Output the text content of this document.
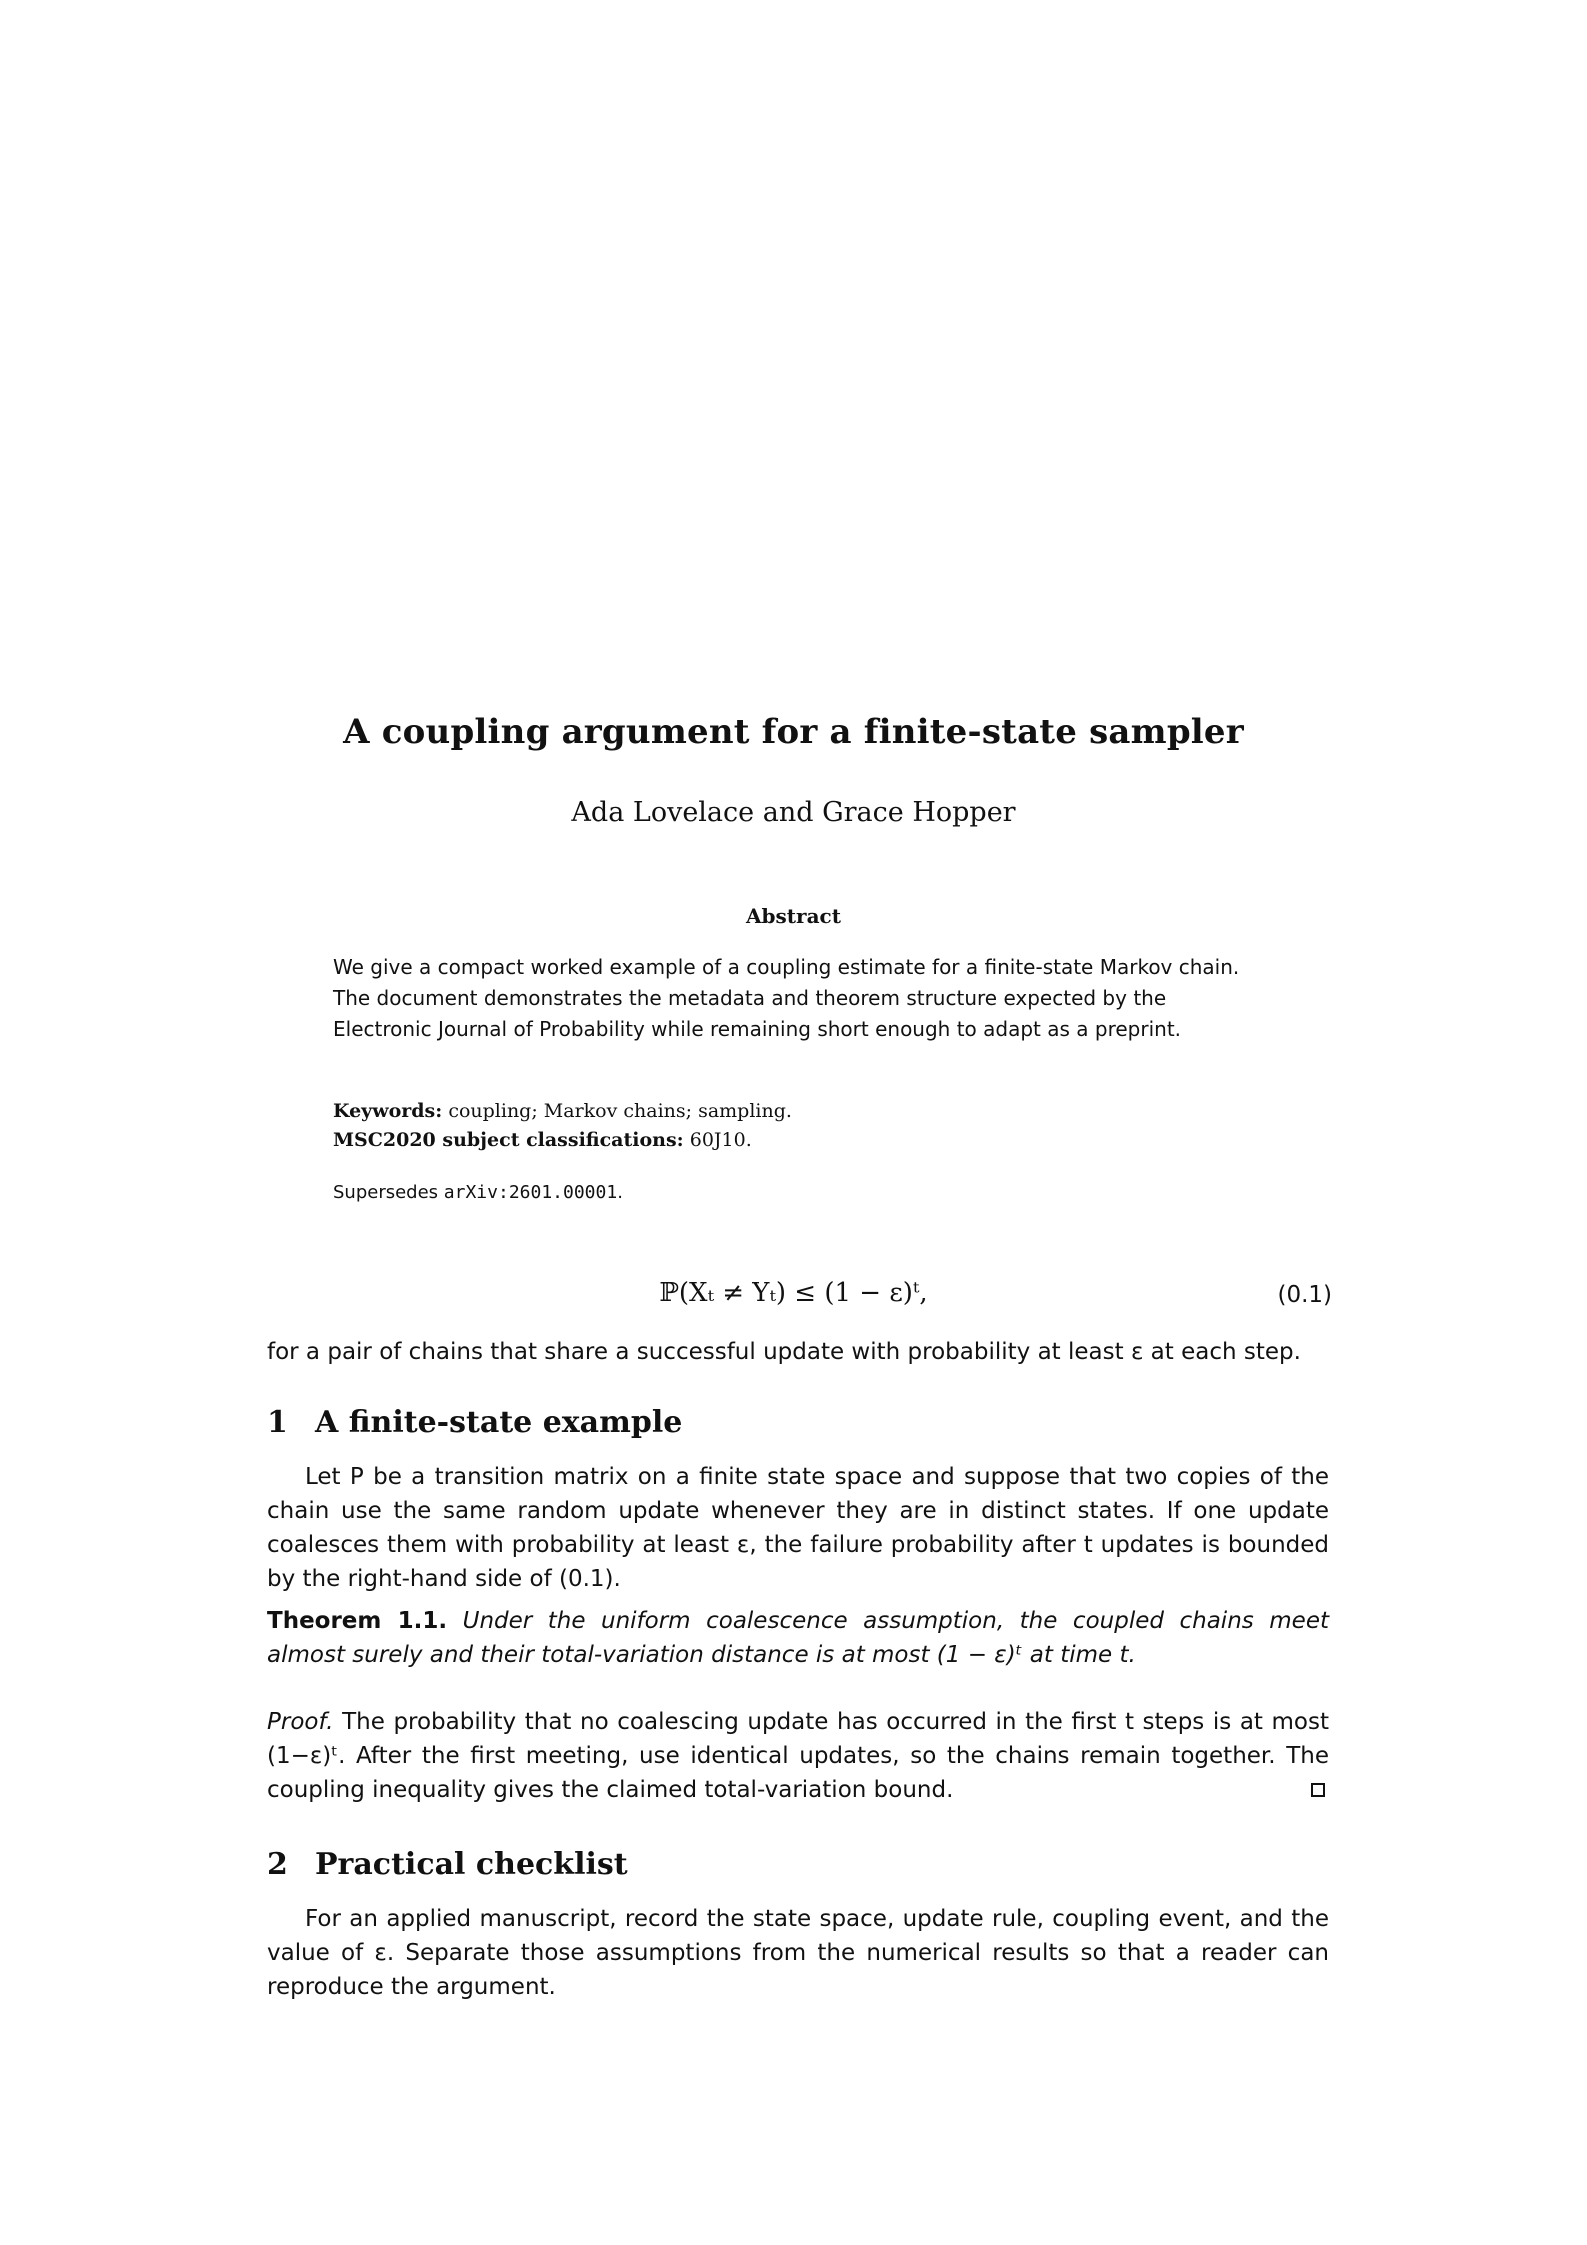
A coupling argument for a finite-state sampler
Ada Lovelace and Grace Hopper
Abstract
We give a compact worked example of a coupling estimate for a finite-state Markov chain. The document demonstrates the metadata and theorem structure expected by the Electronic Journal of Probability while remaining short enough to adapt as a preprint.
Keywords: coupling; Markov chains; sampling.
MSC2020 subject classifications: 60J10.
Supersedes arXiv:2601.00001.
ℙ(Xₜ ≠ Yₜ) ≤ (1 − ε)ᵗ,	(0.1)
for a pair of chains that share a successful update with probability at least ε at each step.
1 A finite-state example
Let P be a transition matrix on a finite state space and suppose that two copies of the chain use the same random update whenever they are in distinct states. If one update coalesces them with probability at least ε, the failure probability after t updates is bounded by the right-hand side of (0.1).
Theorem 1.1. Under the uniform coalescence assumption, the coupled chains meet almost surely and their total-variation distance is at most (1 − ε)ᵗ at time t.
Proof. The probability that no coalescing update has occurred in the first t steps is at most (1−ε)ᵗ. After the first meeting, use identical updates, so the chains remain together. The coupling inequality gives the claimed total-variation bound.
2 Practical checklist
For an applied manuscript, record the state space, update rule, coupling event, and the value of ε. Separate those assumptions from the numerical results so that a reader can reproduce the argument.
